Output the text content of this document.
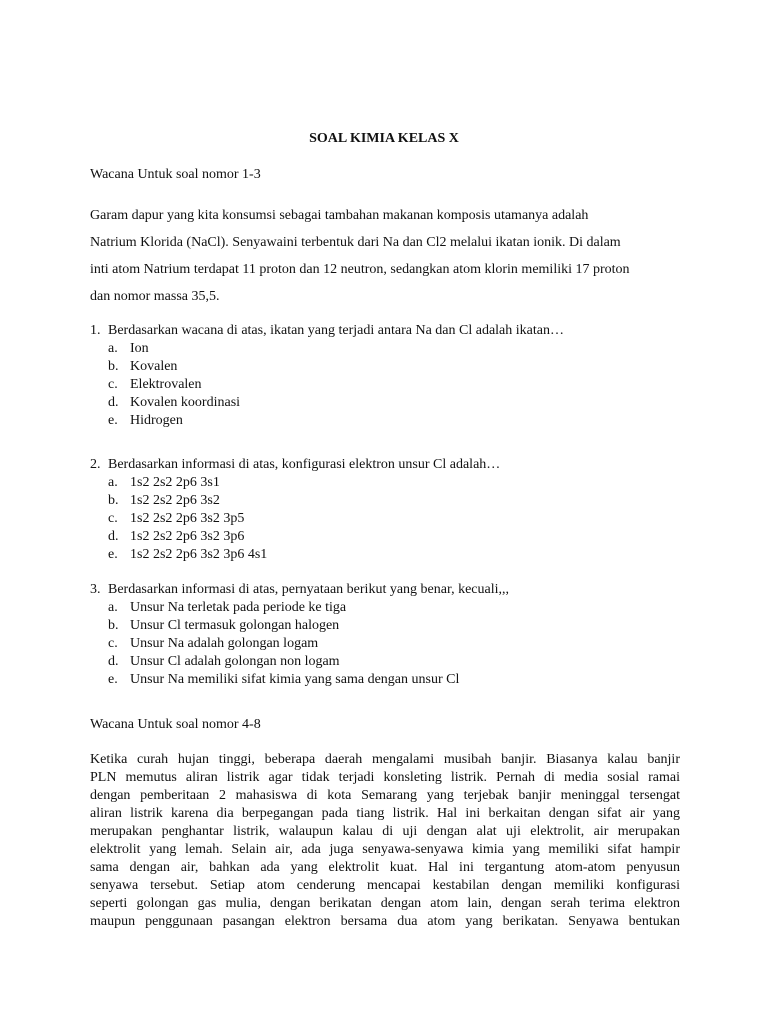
SOAL KIMIA KELAS X
Wacana Untuk soal nomor 1-3
Garam dapur yang kita konsumsi sebagai tambahan makanan komposis utamanya adalah
Natrium Klorida (NaCl). Senyawaini terbentuk dari Na dan Cl2 melalui ikatan ionik. Di dalam
inti atom Natrium terdapat 11 proton dan 12 neutron, sedangkan atom klorin memiliki 17 proton
dan nomor massa 35,5.
1. Berdasarkan wacana di atas, ikatan yang terjadi antara Na dan Cl adalah ikatan…
a. Ion
b. Kovalen
c. Elektrovalen
d. Kovalen koordinasi
e. Hidrogen
2. Berdasarkan informasi di atas, konfigurasi elektron unsur Cl adalah…
a. 1s2 2s2 2p6 3s1
b. 1s2 2s2 2p6 3s2
c. 1s2 2s2 2p6 3s2 3p5
d. 1s2 2s2 2p6 3s2 3p6
e. 1s2 2s2 2p6 3s2 3p6 4s1
3. Berdasarkan informasi di atas, pernyataan berikut yang benar, kecuali,,,
a. Unsur Na terletak pada periode ke tiga
b. Unsur Cl termasuk golongan halogen
c. Unsur Na adalah golongan logam
d. Unsur Cl adalah golongan non logam
e. Unsur Na memiliki sifat kimia yang sama dengan unsur Cl
Wacana Untuk soal nomor 4-8
Ketika curah hujan tinggi, beberapa daerah mengalami musibah banjir. Biasanya kalau banjir
PLN memutus aliran listrik agar tidak terjadi konsleting listrik. Pernah di media sosial ramai
dengan pemberitaan 2 mahasiswa di kota Semarang yang terjebak banjir meninggal tersengat
aliran listrik karena dia berpegangan pada tiang listrik. Hal ini berkaitan dengan sifat air yang
merupakan penghantar listrik, walaupun kalau di uji dengan alat uji elektrolit, air merupakan
elektrolit yang lemah. Selain air, ada juga senyawa-senyawa kimia yang memiliki sifat hampir
sama dengan air, bahkan ada yang elektrolit kuat. Hal ini tergantung atom-atom penyusun
senyawa tersebut. Setiap atom cenderung mencapai kestabilan dengan memiliki konfigurasi
seperti golongan gas mulia, dengan berikatan dengan atom lain, dengan serah terima elektron
maupun penggunaan pasangan elektron bersama dua atom yang berikatan. Senyawa bentukan
